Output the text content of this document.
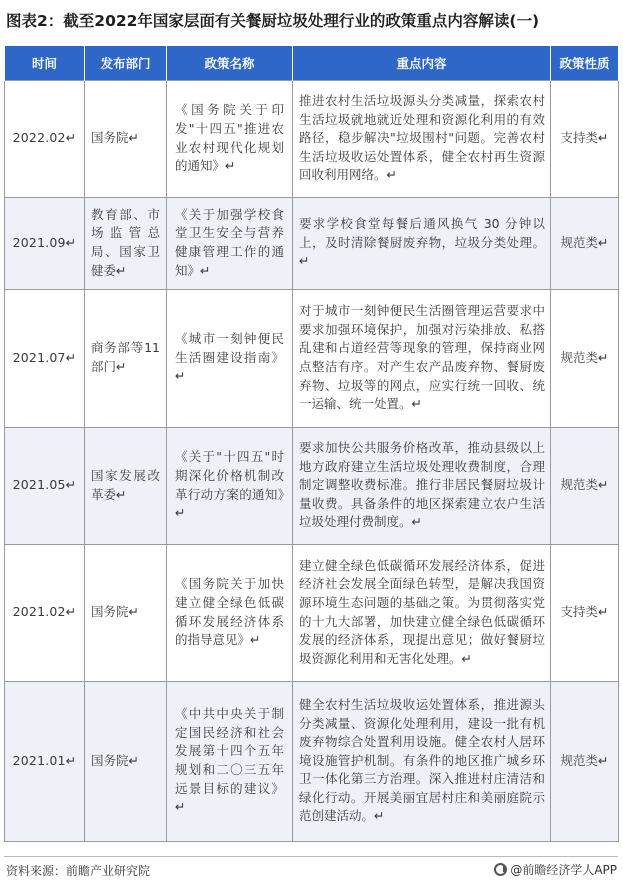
图表2：截至2022年国家层面有关餐厨垃圾处理行业的政策重点内容解读(一)
时间	发布部门	政策名称	重点内容	政策性质
2022.02↵	国务院↵	《国务院关于印发"十四五"推进农业农村现代化规划的通知》↵	推进农村生活垃圾源头分类减量，探索农村生活垃圾就地就近处理和资源化利用的有效路径，稳步解决"垃圾围村"问题。完善农村生活垃圾收运处置体系，健全农村再生资源回收利用网络。↵	支持类↵
2021.09↵	教育部、市场监管总局、国家卫健委↵	《关于加强学校食堂卫生安全与营养健康管理工作的通知》↵	要求学校食堂每餐后通风换气 30 分钟以上，及时清除餐厨废弃物，垃圾分类处理。↵	规范类↵
2021.07↵	商务部等11部门↵	《城市一刻钟便民生活圈建设指南》↵	对于城市一刻钟便民生活圈管理运营要求中要求加强环境保护，加强对污染排放、私搭乱建和占道经营等现象的管理，保持商业网点整洁有序。对产生农产品废弃物、餐厨废弃物、垃圾等的网点，应实行统一回收、统一运输、统一处置。↵	规范类↵
2021.05↵	国家发展改革委↵	《关于"十四五"时期深化价格机制改革行动方案的通知》↵	要求加快公共服务价格改革，推动县级以上地方政府建立生活垃圾处理收费制度，合理制定调整收费标准。推行非居民餐厨垃圾计量收费。具备条件的地区探索建立农户生活垃圾处理付费制度。↵	规范类↵
2021.02↵	国务院↵	《国务院关于加快建立健全绿色低碳循环发展经济体系的指导意见》↵	建立健全绿色低碳循环发展经济体系，促进经济社会发展全面绿色转型，是解决我国资源环境生态问题的基础之策。为贯彻落实党的十九大部署，加快建立健全绿色低碳循环发展的经济体系，现提出意见；做好餐厨垃圾资源化利用和无害化处理。↵	支持类↵
2021.01↵	国务院↵	《中共中央关于制定国民经济和社会发展第十四个五年规划和二〇三五年远景目标的建议》↵	健全农村生活垃圾收运处置体系，推进源头分类减量、资源化处理利用，建设一批有机废弃物综合处置利用设施。健全农村人居环境设施管护机制。有条件的地区推广城乡环卫一体化第三方治理。深入推进村庄清洁和绿化行动。开展美丽宜居村庄和美丽庭院示范创建活动。↵	规范类↵
资料来源：前瞻产业研究院	@前瞻经济学人APP
